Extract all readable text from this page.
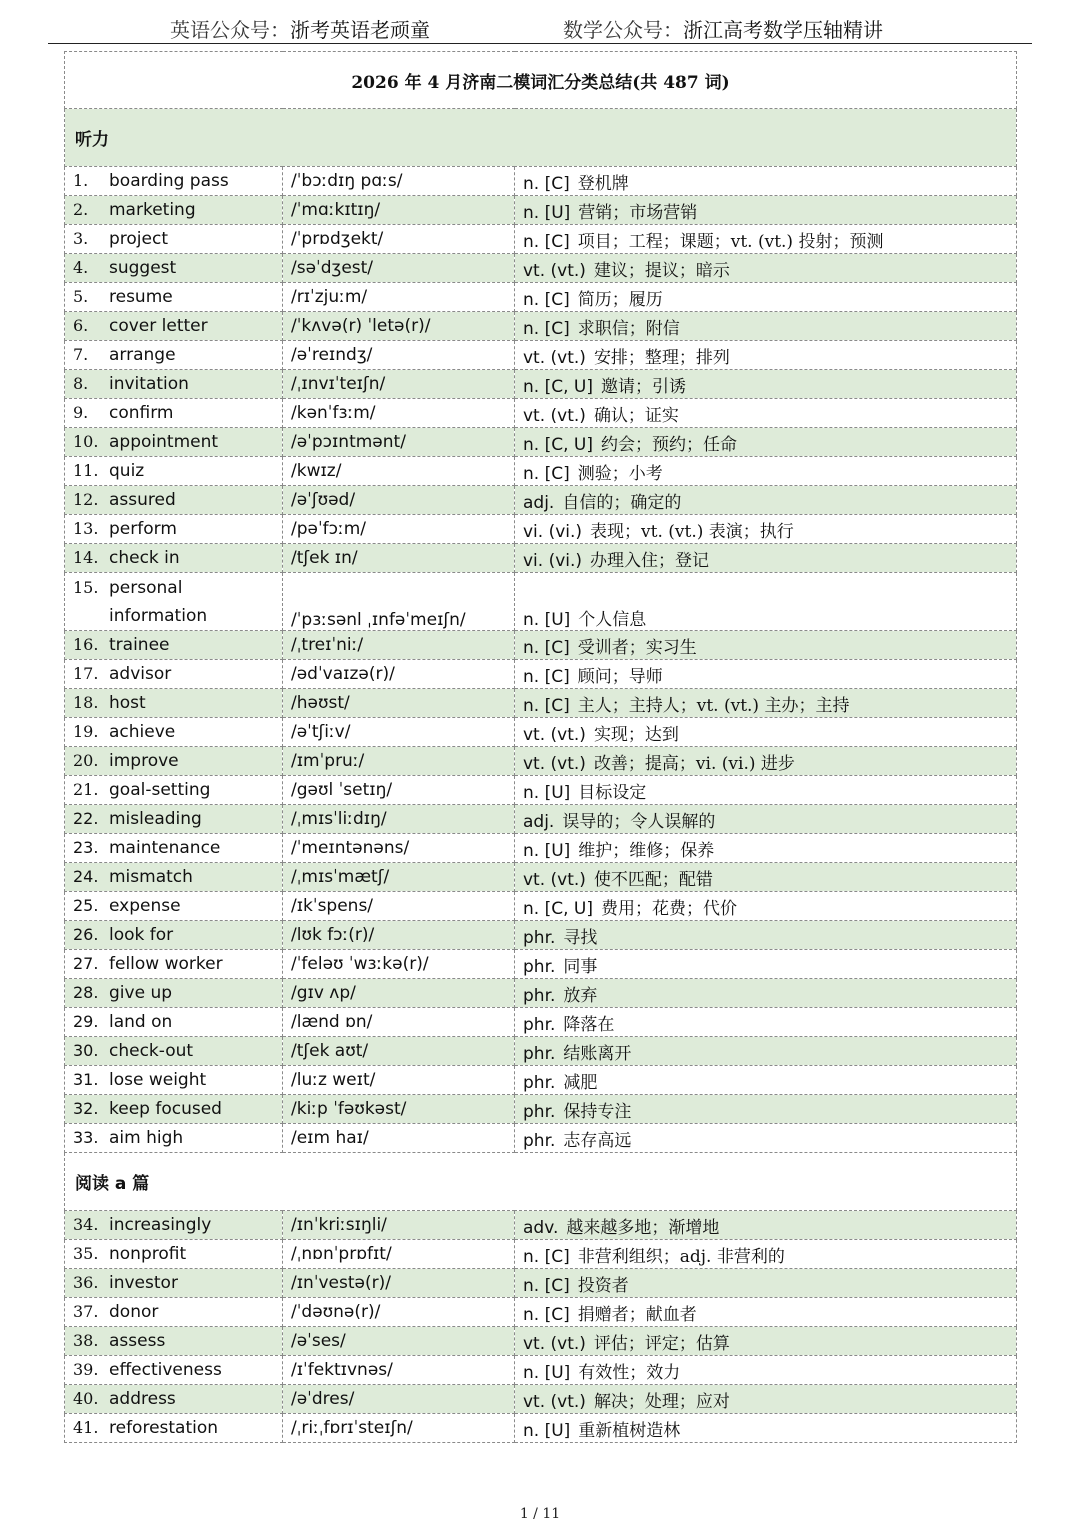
英语公众号：浙考英语老顽童	数学公众号：浙江高考数学压轴精讲
2026 年 4 月济南二模词汇分类总结(共 487 词)		
听力		
1. boarding pass	/ˈbɔːdɪŋ pɑːs/	n. [C] 登机牌
2. marketing	/ˈmɑːkɪtɪŋ/	n. [U] 营销；市场营销
3. project	/ˈprɒdʒekt/	n. [C] 项目；工程；课题；vt. (vt.) 投射；预测
4. suggest	/səˈdʒest/	vt. (vt.) 建议；提议；暗示
5. resume	/rɪˈzjuːm/	n. [C] 简历；履历
6. cover letter	/ˈkʌvə(r) ˈletə(r)/	n. [C] 求职信；附信
7. arrange	/əˈreɪndʒ/	vt. (vt.) 安排；整理；排列
8. invitation	/ˌɪnvɪˈteɪʃn/	n. [C, U] 邀请；引诱
9. confirm	/kənˈfɜːm/	vt. (vt.) 确认；证实
10. appointment	/əˈpɔɪntmənt/	n. [C, U] 约会；预约；任命
11. quiz	/kwɪz/	n. [C] 测验；小考
12. assured	/əˈʃʊəd/	adj. 自信的；确定的
13. perform	/pəˈfɔːm/	vi. (vi.) 表现；vt. (vt.) 表演；执行
14. check in	/tʃek ɪn/	vi. (vi.) 办理入住；登记

15. personal
information	/ˈpɜːsənl ˌɪnfəˈmeɪʃn/	n. [U] 个人信息
16. trainee	/ˌtreɪˈniː/	n. [C] 受训者；实习生
17. advisor	/ədˈvaɪzə(r)/	n. [C] 顾问；导师
18. host	/həʊst/	n. [C] 主人；主持人；vt. (vt.) 主办；主持
19. achieve	/əˈtʃiːv/	vt. (vt.) 实现；达到
20. improve	/ɪmˈpruː/	vt. (vt.) 改善；提高；vi. (vi.) 进步
21. goal-setting	/gəʊl ˈsetɪŋ/	n. [U] 目标设定
22. misleading	/ˌmɪsˈliːdɪŋ/	adj. 误导的；令人误解的
23. maintenance	/ˈmeɪntənəns/	n. [U] 维护；维修；保养
24. mismatch	/ˌmɪsˈmætʃ/	vt. (vt.) 使不匹配；配错
25. expense	/ɪkˈspens/	n. [C, U] 费用；花费；代价
26. look for	/lʊk fɔː(r)/	phr. 寻找
27. fellow worker	/ˈfeləʊ ˈwɜːkə(r)/	phr. 同事
28. give up	/gɪv ʌp/	phr. 放弃
29. land on	/lænd ɒn/	phr. 降落在
30. check-out	/tʃek aʊt/	phr. 结账离开
31. lose weight	/luːz weɪt/	phr. 减肥
32. keep focused	/kiːp ˈfəʊkəst/	phr. 保持专注
33. aim high	/eɪm haɪ/	phr. 志存高远
阅读 a 篇		
34. increasingly	/ɪnˈkriːsɪŋli/	adv. 越来越多地；渐增地
35. nonprofit	/ˌnɒnˈprɒfɪt/	n. [C] 非营利组织；adj. 非营利的
36. investor	/ɪnˈvestə(r)/	n. [C] 投资者
37. donor	/ˈdəʊnə(r)/	n. [C] 捐赠者；献血者
38. assess	/əˈses/	vt. (vt.) 评估；评定；估算
39. effectiveness	/ɪˈfektɪvnəs/	n. [U] 有效性；效力
40. address	/əˈdres/	vt. (vt.) 解决；处理；应对
41. reforestation	/ˌriːˌfɒrɪˈsteɪʃn/	n. [U] 重新植树造林
1 / 11
